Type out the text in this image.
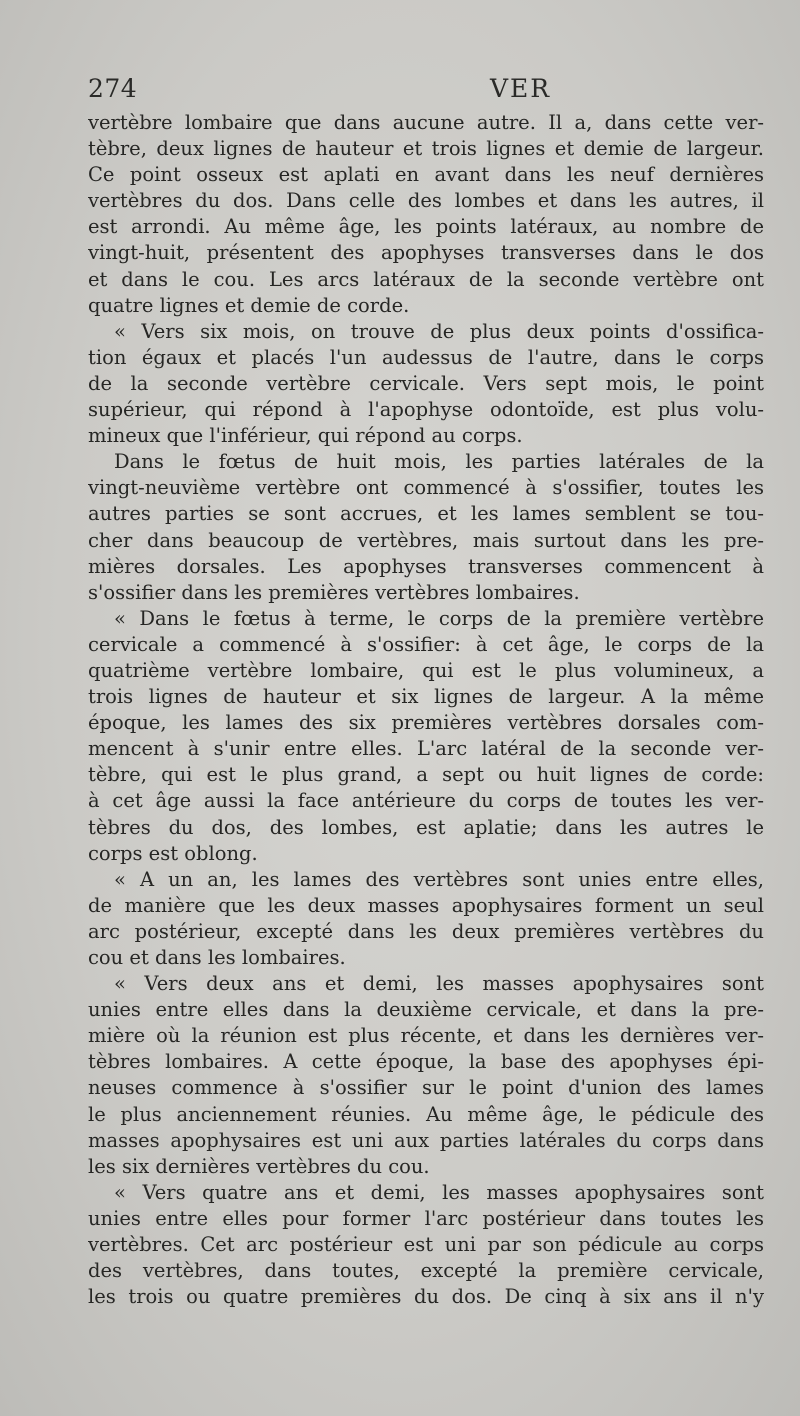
274	VER
vertèbre lombaire que dans aucune autre. Il a, dans cette ver-
tèbre, deux lignes de hauteur et trois lignes et demie de largeur.
Ce point osseux est aplati en avant dans les neuf dernières
vertèbres du dos. Dans celle des lombes et dans les autres, il
est arrondi. Au même âge, les points latéraux, au nombre de
vingt-huit, présentent des apophyses transverses dans le dos
et dans le cou. Les arcs latéraux de la seconde vertèbre ont
quatre lignes et demie de corde.
« Vers six mois, on trouve de plus deux points d'ossifica-
tion égaux et placés l'un audessus de l'autre, dans le corps
de la seconde vertèbre cervicale. Vers sept mois, le point
supérieur, qui répond à l'apophyse odontoïde, est plus volu-
mineux que l'inférieur, qui répond au corps.
Dans le fœtus de huit mois, les parties latérales de la
vingt-neuvième vertèbre ont commencé à s'ossifier, toutes les
autres parties se sont accrues, et les lames semblent se tou-
cher dans beaucoup de vertèbres, mais surtout dans les pre-
mières dorsales. Les apophyses transverses commencent à
s'ossifier dans les premières vertèbres lombaires.
« Dans le fœtus à terme, le corps de la première vertèbre
cervicale a commencé à s'ossifier: à cet âge, le corps de la
quatrième vertèbre lombaire, qui est le plus volumineux, a
trois lignes de hauteur et six lignes de largeur. A la même
époque, les lames des six premières vertèbres dorsales com-
mencent à s'unir entre elles. L'arc latéral de la seconde ver-
tèbre, qui est le plus grand, a sept ou huit lignes de corde:
à cet âge aussi la face antérieure du corps de toutes les ver-
tèbres du dos, des lombes, est aplatie; dans les autres le
corps est oblong.
« A un an, les lames des vertèbres sont unies entre elles,
de manière que les deux masses apophysaires forment un seul
arc postérieur, excepté dans les deux premières vertèbres du
cou et dans les lombaires.
« Vers deux ans et demi, les masses apophysaires sont
unies entre elles dans la deuxième cervicale, et dans la pre-
mière où la réunion est plus récente, et dans les dernières ver-
tèbres lombaires. A cette époque, la base des apophyses épi-
neuses commence à s'ossifier sur le point d'union des lames
le plus anciennement réunies. Au même âge, le pédicule des
masses apophysaires est uni aux parties latérales du corps dans
les six dernières vertèbres du cou.
« Vers quatre ans et demi, les masses apophysaires sont
unies entre elles pour former l'arc postérieur dans toutes les
vertèbres. Cet arc postérieur est uni par son pédicule au corps
des vertèbres, dans toutes, excepté la première cervicale,
les trois ou quatre premières du dos. De cinq à six ans il n'y
